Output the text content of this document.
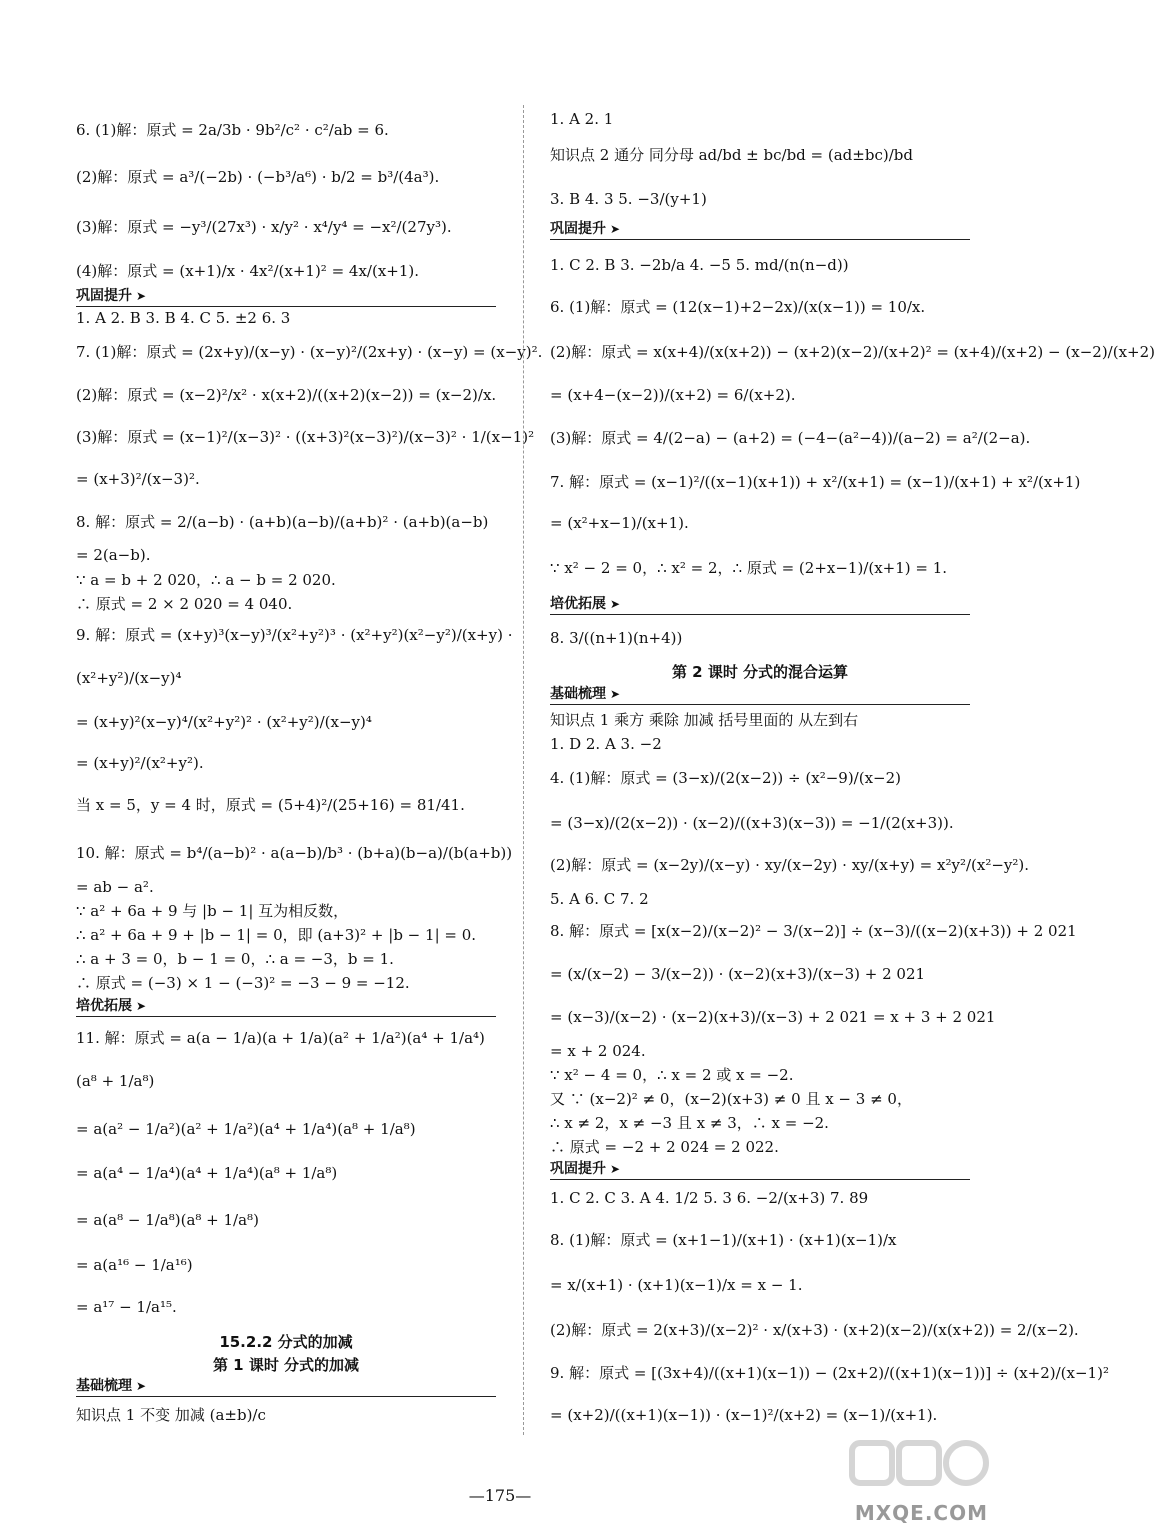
6. (1)解：原式 = 2a/3b · 9b²/c² · c²/ab = 6.
(2)解：原式 = a³/(−2b) · (−b³/a⁶) · b/2 = b³/(4a³).
(3)解：原式 = −y³/(27x³) · x/y² · x⁴/y⁴ = −x²/(27y³).
(4)解：原式 = (x+1)/x · 4x²/(x+1)² = 4x/(x+1).
巩固提升 ➤
1. A 2. B 3. B 4. C 5. ±2 6. 3
7. (1)解：原式 = (2x+y)/(x−y) · (x−y)²/(2x+y) · (x−y) = (x−y)².
(2)解：原式 = (x−2)²/x² · x(x+2)/((x+2)(x−2)) = (x−2)/x.
(3)解：原式 = (x−1)²/(x−3)² · ((x+3)²(x−3)²)/(x−3)² · 1/(x−1)²
= (x+3)²/(x−3)².
8. 解：原式 = 2/(a−b) · (a+b)(a−b)/(a+b)² · (a+b)(a−b)
= 2(a−b).
∵ a = b + 2 020，∴ a − b = 2 020.
∴ 原式 = 2 × 2 020 = 4 040.
9. 解：原式 = (x+y)³(x−y)³/(x²+y²)³ · (x²+y²)(x²−y²)/(x+y) ·
(x²+y²)/(x−y)⁴
= (x+y)²(x−y)⁴/(x²+y²)² · (x²+y²)/(x−y)⁴
= (x+y)²/(x²+y²).
当 x = 5，y = 4 时，原式 = (5+4)²/(25+16) = 81/41.
10. 解：原式 = b⁴/(a−b)² · a(a−b)/b³ · (b+a)(b−a)/(b(a+b))
= ab − a².
∵ a² + 6a + 9 与 |b − 1| 互为相反数，
∴ a² + 6a + 9 + |b − 1| = 0，即 (a+3)² + |b − 1| = 0.
∴ a + 3 = 0，b − 1 = 0，∴ a = −3，b = 1.
∴ 原式 = (−3) × 1 − (−3)² = −3 − 9 = −12.
培优拓展 ➤
11. 解：原式 = a(a − 1/a)(a + 1/a)(a² + 1/a²)(a⁴ + 1/a⁴)
(a⁸ + 1/a⁸)
= a(a² − 1/a²)(a² + 1/a²)(a⁴ + 1/a⁴)(a⁸ + 1/a⁸)
= a(a⁴ − 1/a⁴)(a⁴ + 1/a⁴)(a⁸ + 1/a⁸)
= a(a⁸ − 1/a⁸)(a⁸ + 1/a⁸)
= a(a¹⁶ − 1/a¹⁶)
= a¹⁷ − 1/a¹⁵.
15.2.2 分式的加减
第 1 课时 分式的加减
基础梳理 ➤
知识点 1 不变 加减 (a±b)/c
1. A 2. 1
知识点 2 通分 同分母 ad/bd ± bc/bd = (ad±bc)/bd
3. B 4. 3 5. −3/(y+1)
巩固提升 ➤
1. C 2. B 3. −2b/a 4. −5 5. md/(n(n−d))
6. (1)解：原式 = (12(x−1)+2−2x)/(x(x−1)) = 10/x.
(2)解：原式 = x(x+4)/(x(x+2)) − (x+2)(x−2)/(x+2)² = (x+4)/(x+2) − (x−2)/(x+2)
= (x+4−(x−2))/(x+2) = 6/(x+2).
(3)解：原式 = 4/(2−a) − (a+2) = (−4−(a²−4))/(a−2) = a²/(2−a).
7. 解：原式 = (x−1)²/((x−1)(x+1)) + x²/(x+1) = (x−1)/(x+1) + x²/(x+1)
= (x²+x−1)/(x+1).
∵ x² − 2 = 0，∴ x² = 2，∴ 原式 = (2+x−1)/(x+1) = 1.
培优拓展 ➤
8. 3/((n+1)(n+4))
第 2 课时 分式的混合运算
基础梳理 ➤
知识点 1 乘方 乘除 加减 括号里面的 从左到右
1. D 2. A 3. −2
4. (1)解：原式 = (3−x)/(2(x−2)) ÷ (x²−9)/(x−2)
= (3−x)/(2(x−2)) · (x−2)/((x+3)(x−3)) = −1/(2(x+3)).
(2)解：原式 = (x−2y)/(x−y) · xy/(x−2y) · xy/(x+y) = x²y²/(x²−y²).
5. A 6. C 7. 2
8. 解：原式 = [x(x−2)/(x−2)² − 3/(x−2)] ÷ (x−3)/((x−2)(x+3)) + 2 021
= (x/(x−2) − 3/(x−2)) · (x−2)(x+3)/(x−3) + 2 021
= (x−3)/(x−2) · (x−2)(x+3)/(x−3) + 2 021 = x + 3 + 2 021
= x + 2 024.
∵ x² − 4 = 0，∴ x = 2 或 x = −2.
又 ∵ (x−2)² ≠ 0，(x−2)(x+3) ≠ 0 且 x − 3 ≠ 0，
∴ x ≠ 2，x ≠ −3 且 x ≠ 3，∴ x = −2.
∴ 原式 = −2 + 2 024 = 2 022.
巩固提升 ➤
1. C 2. C 3. A 4. 1/2 5. 3 6. −2/(x+3) 7. 89
8. (1)解：原式 = (x+1−1)/(x+1) · (x+1)(x−1)/x
= x/(x+1) · (x+1)(x−1)/x = x − 1.
(2)解：原式 = 2(x+3)/(x−2)² · x/(x+3) · (x+2)(x−2)/(x(x+2)) = 2/(x−2).
9. 解：原式 = [(3x+4)/((x+1)(x−1)) − (2x+2)/((x+1)(x−1))] ÷ (x+2)/(x−1)²
= (x+2)/((x+1)(x−1)) · (x−1)²/(x+2) = (x−1)/(x+1).
—175—
MXQE.COM
